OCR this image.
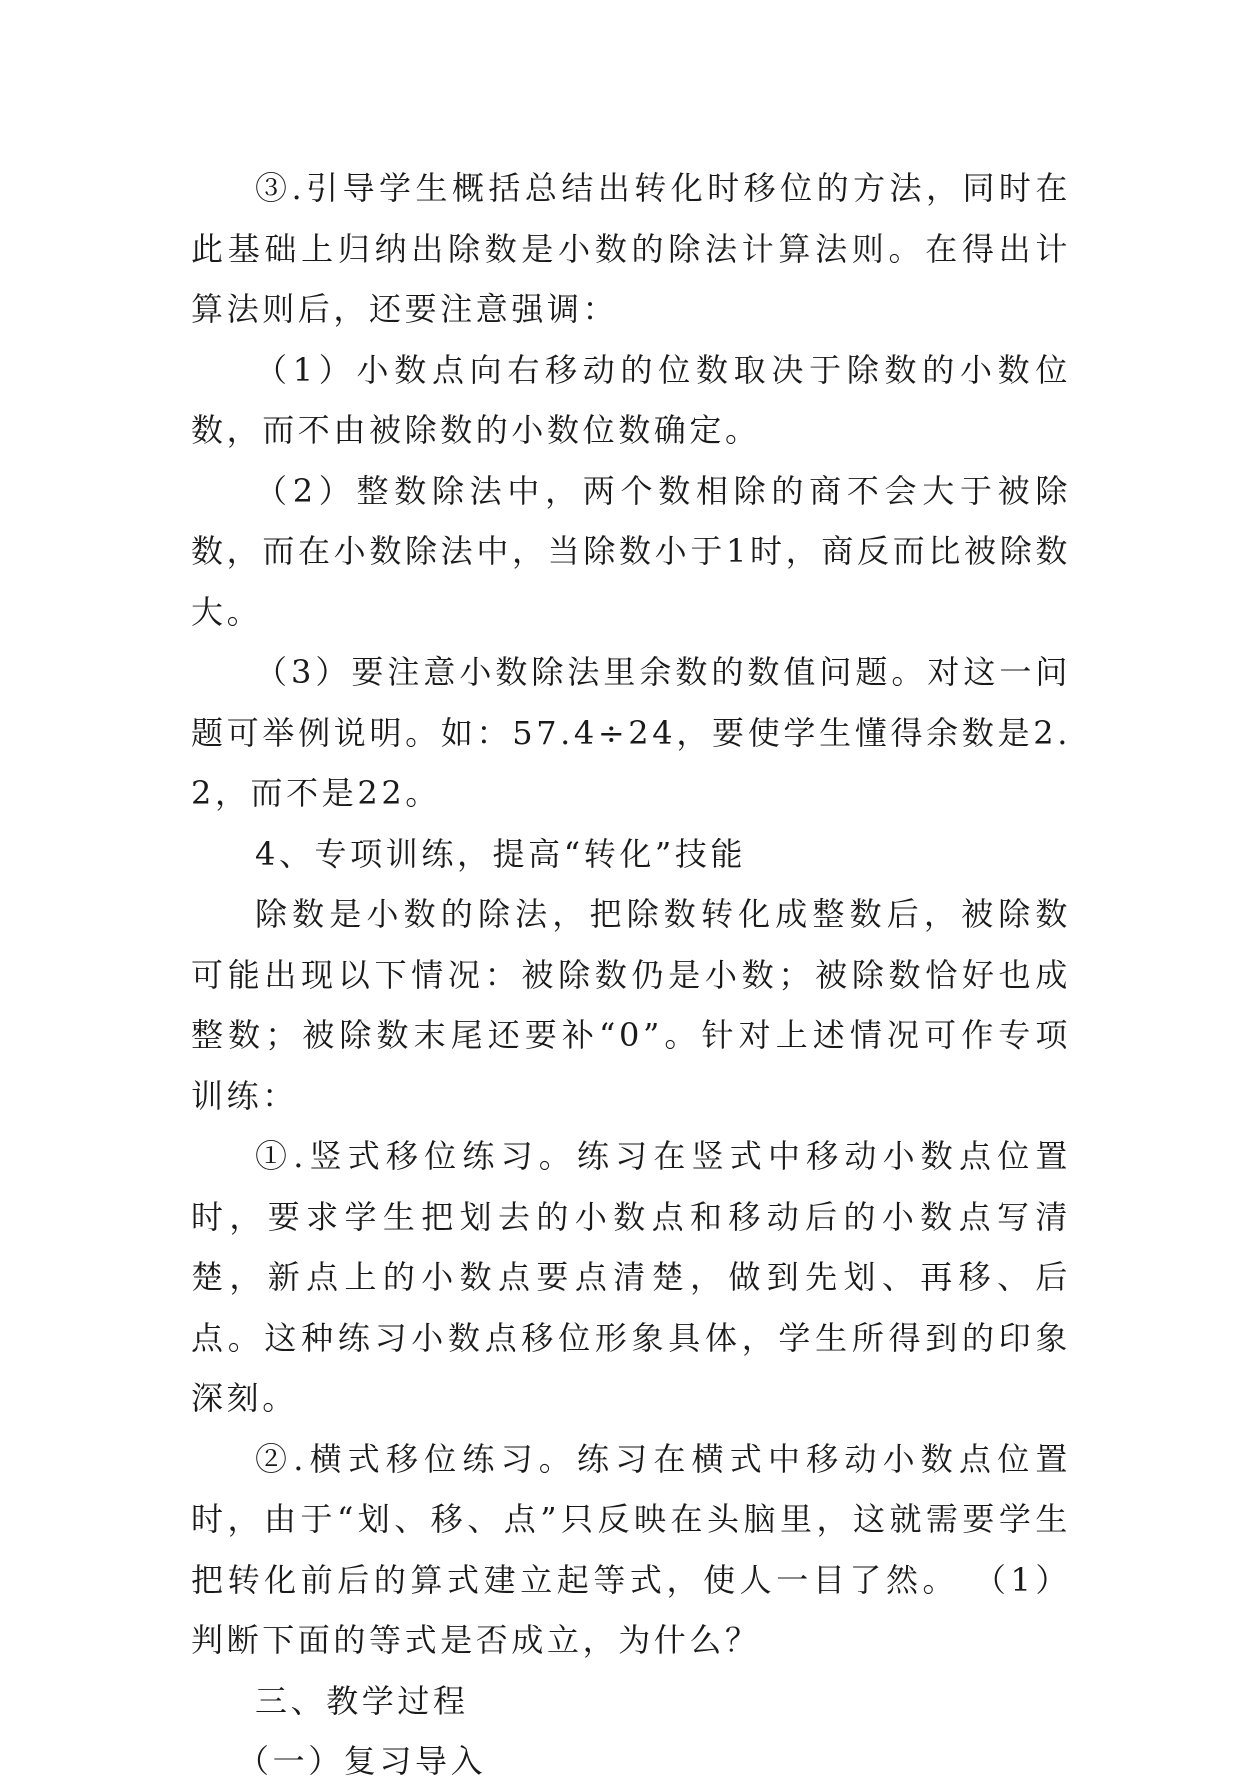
③.引导学生概括总结出转化时移位的方法，同时在此基础上归纳出除数是小数的除法计算法则。在得出计算法则后，还要注意强调：

（1）小数点向右移动的位数取决于除数的小数位数，而不由被除数的小数位数确定。

（2）整数除法中，两个数相除的商不会大于被除数，而在小数除法中，当除数小于1时，商反而比被除数大。

（3）要注意小数除法里余数的数值问题。对这一问题可举例说明。如：57.4÷24，要使学生懂得余数是2.2，而不是22。

4、专项训练，提高“转化”技能

除数是小数的除法，把除数转化成整数后，被除数可能出现以下情况：被除数仍是小数；被除数恰好也成整数；被除数末尾还要补“0”。针对上述情况可作专项训练：

①.竖式移位练习。练习在竖式中移动小数点位置时，要求学生把划去的小数点和移动后的小数点写清楚，新点上的小数点要点清楚，做到先划、再移、后点。这种练习小数点移位形象具体，学生所得到的印象深刻。

②.横式移位练习。练习在横式中移动小数点位置时，由于“划、移、点”只反映在头脑里，这就需要学生把转化前后的算式建立起等式，使人一目了然。 （1）判断下面的等式是否成立，为什么？

三、教学过程

（一）复习导入
